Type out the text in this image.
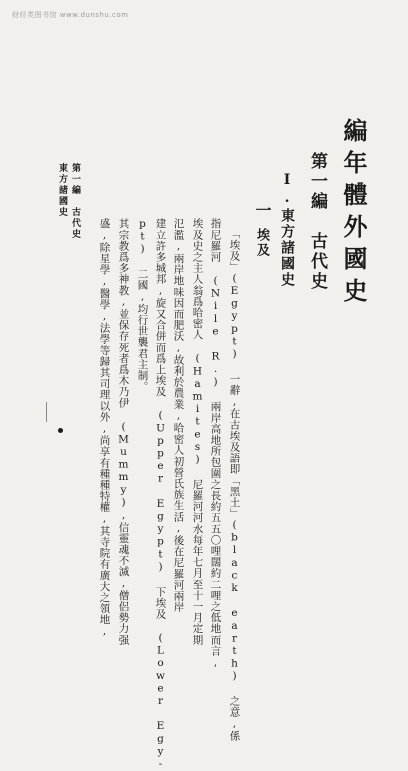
财经类图书馆 www.dunshu.com
編年體外國史
第一編　古代史
I.東方諸國史
一
埃及
「埃及」(Egypt) 一辭,在古埃及語即「黑土」(black earth) 之意,係
指尼羅河 (Nile R.) 兩岸高地所包圍之長約五五〇哩闊約二哩之低地而言,
埃及史之主人翁爲哈密人 (Hamites) 尼羅河河水每年七月至十一月定期
氾濫,兩岸地味因而肥沃,故利於農業,哈密人初營氏族生活,後在尼羅河兩岸
建立許多城邦,旋又合併而爲上埃及 (Upper Egypt) 下埃及 (Lower Egy-
pt) 二國,均行世襲君主制。
其宗教爲多神教,並保存死者爲木乃伊 (Mummy),信靈魂不滅,僧侶勢力强
盛,除星學,醫學,法學等歸其司理以外,尚享有種種特權,其寺院有廣大之領地,
第一編　古代史
東方諸國史
